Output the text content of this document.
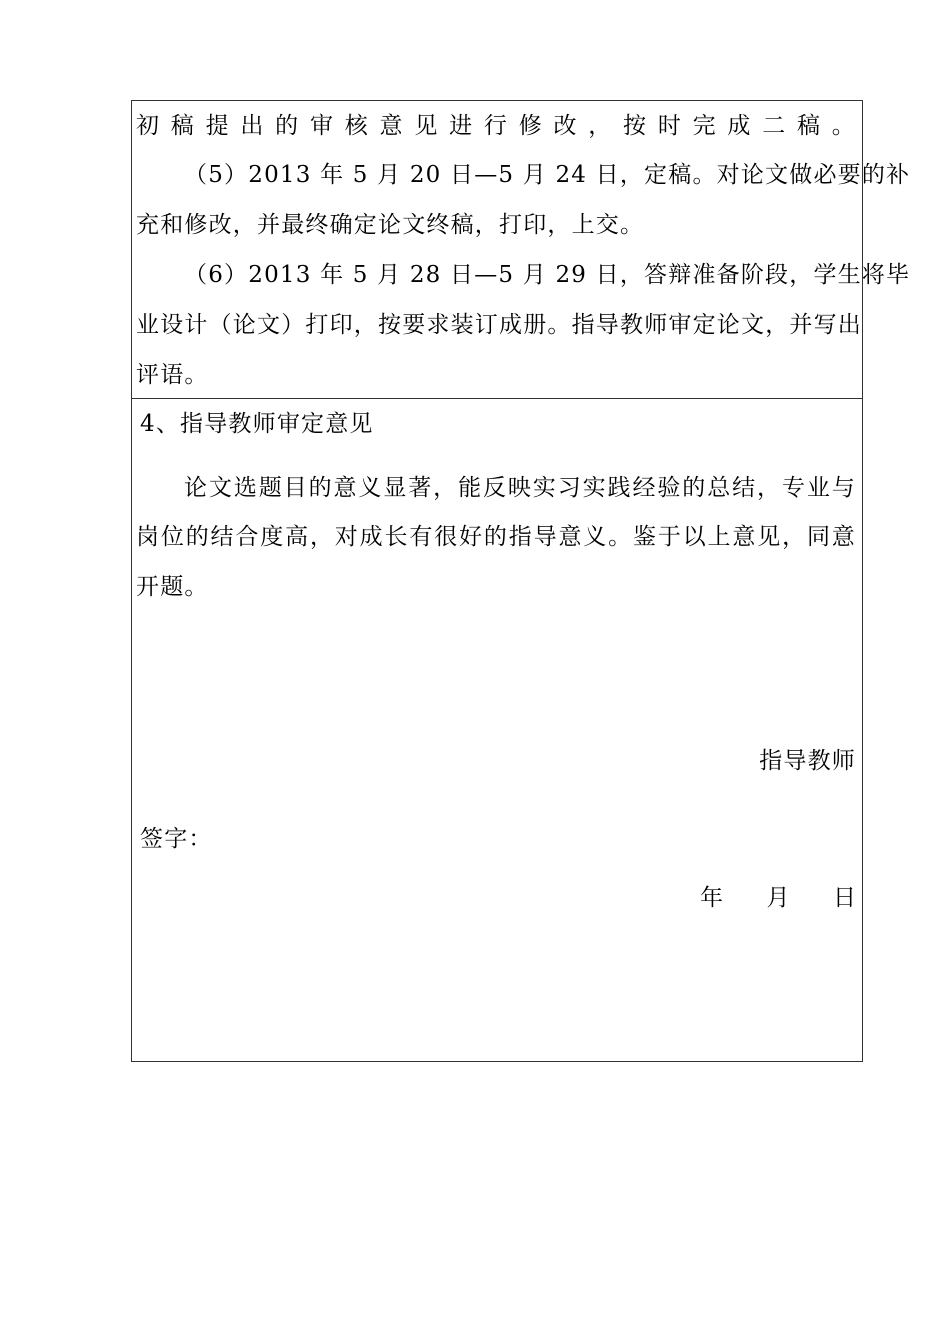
初稿提出的审核意见进行修改，按时完成二稿。
（5）2013 年 5 月 20 日—5 月 24 日，定稿。对论文做必要的补
充和修改，并最终确定论文终稿，打印，上交。
（6）2013 年 5 月 28 日—5 月 29 日，答辩准备阶段，学生将毕
业设计（论文）打印，按要求装订成册。指导教师审定论文，并写出
评语。
4、指导教师审定意见
论文选题目的意义显著，能反映实习实践经验的总结，专业与
岗位的结合度高，对成长有很好的指导意义。鉴于以上意见，同意
开题。
指导教师
签字：
年 月 日
